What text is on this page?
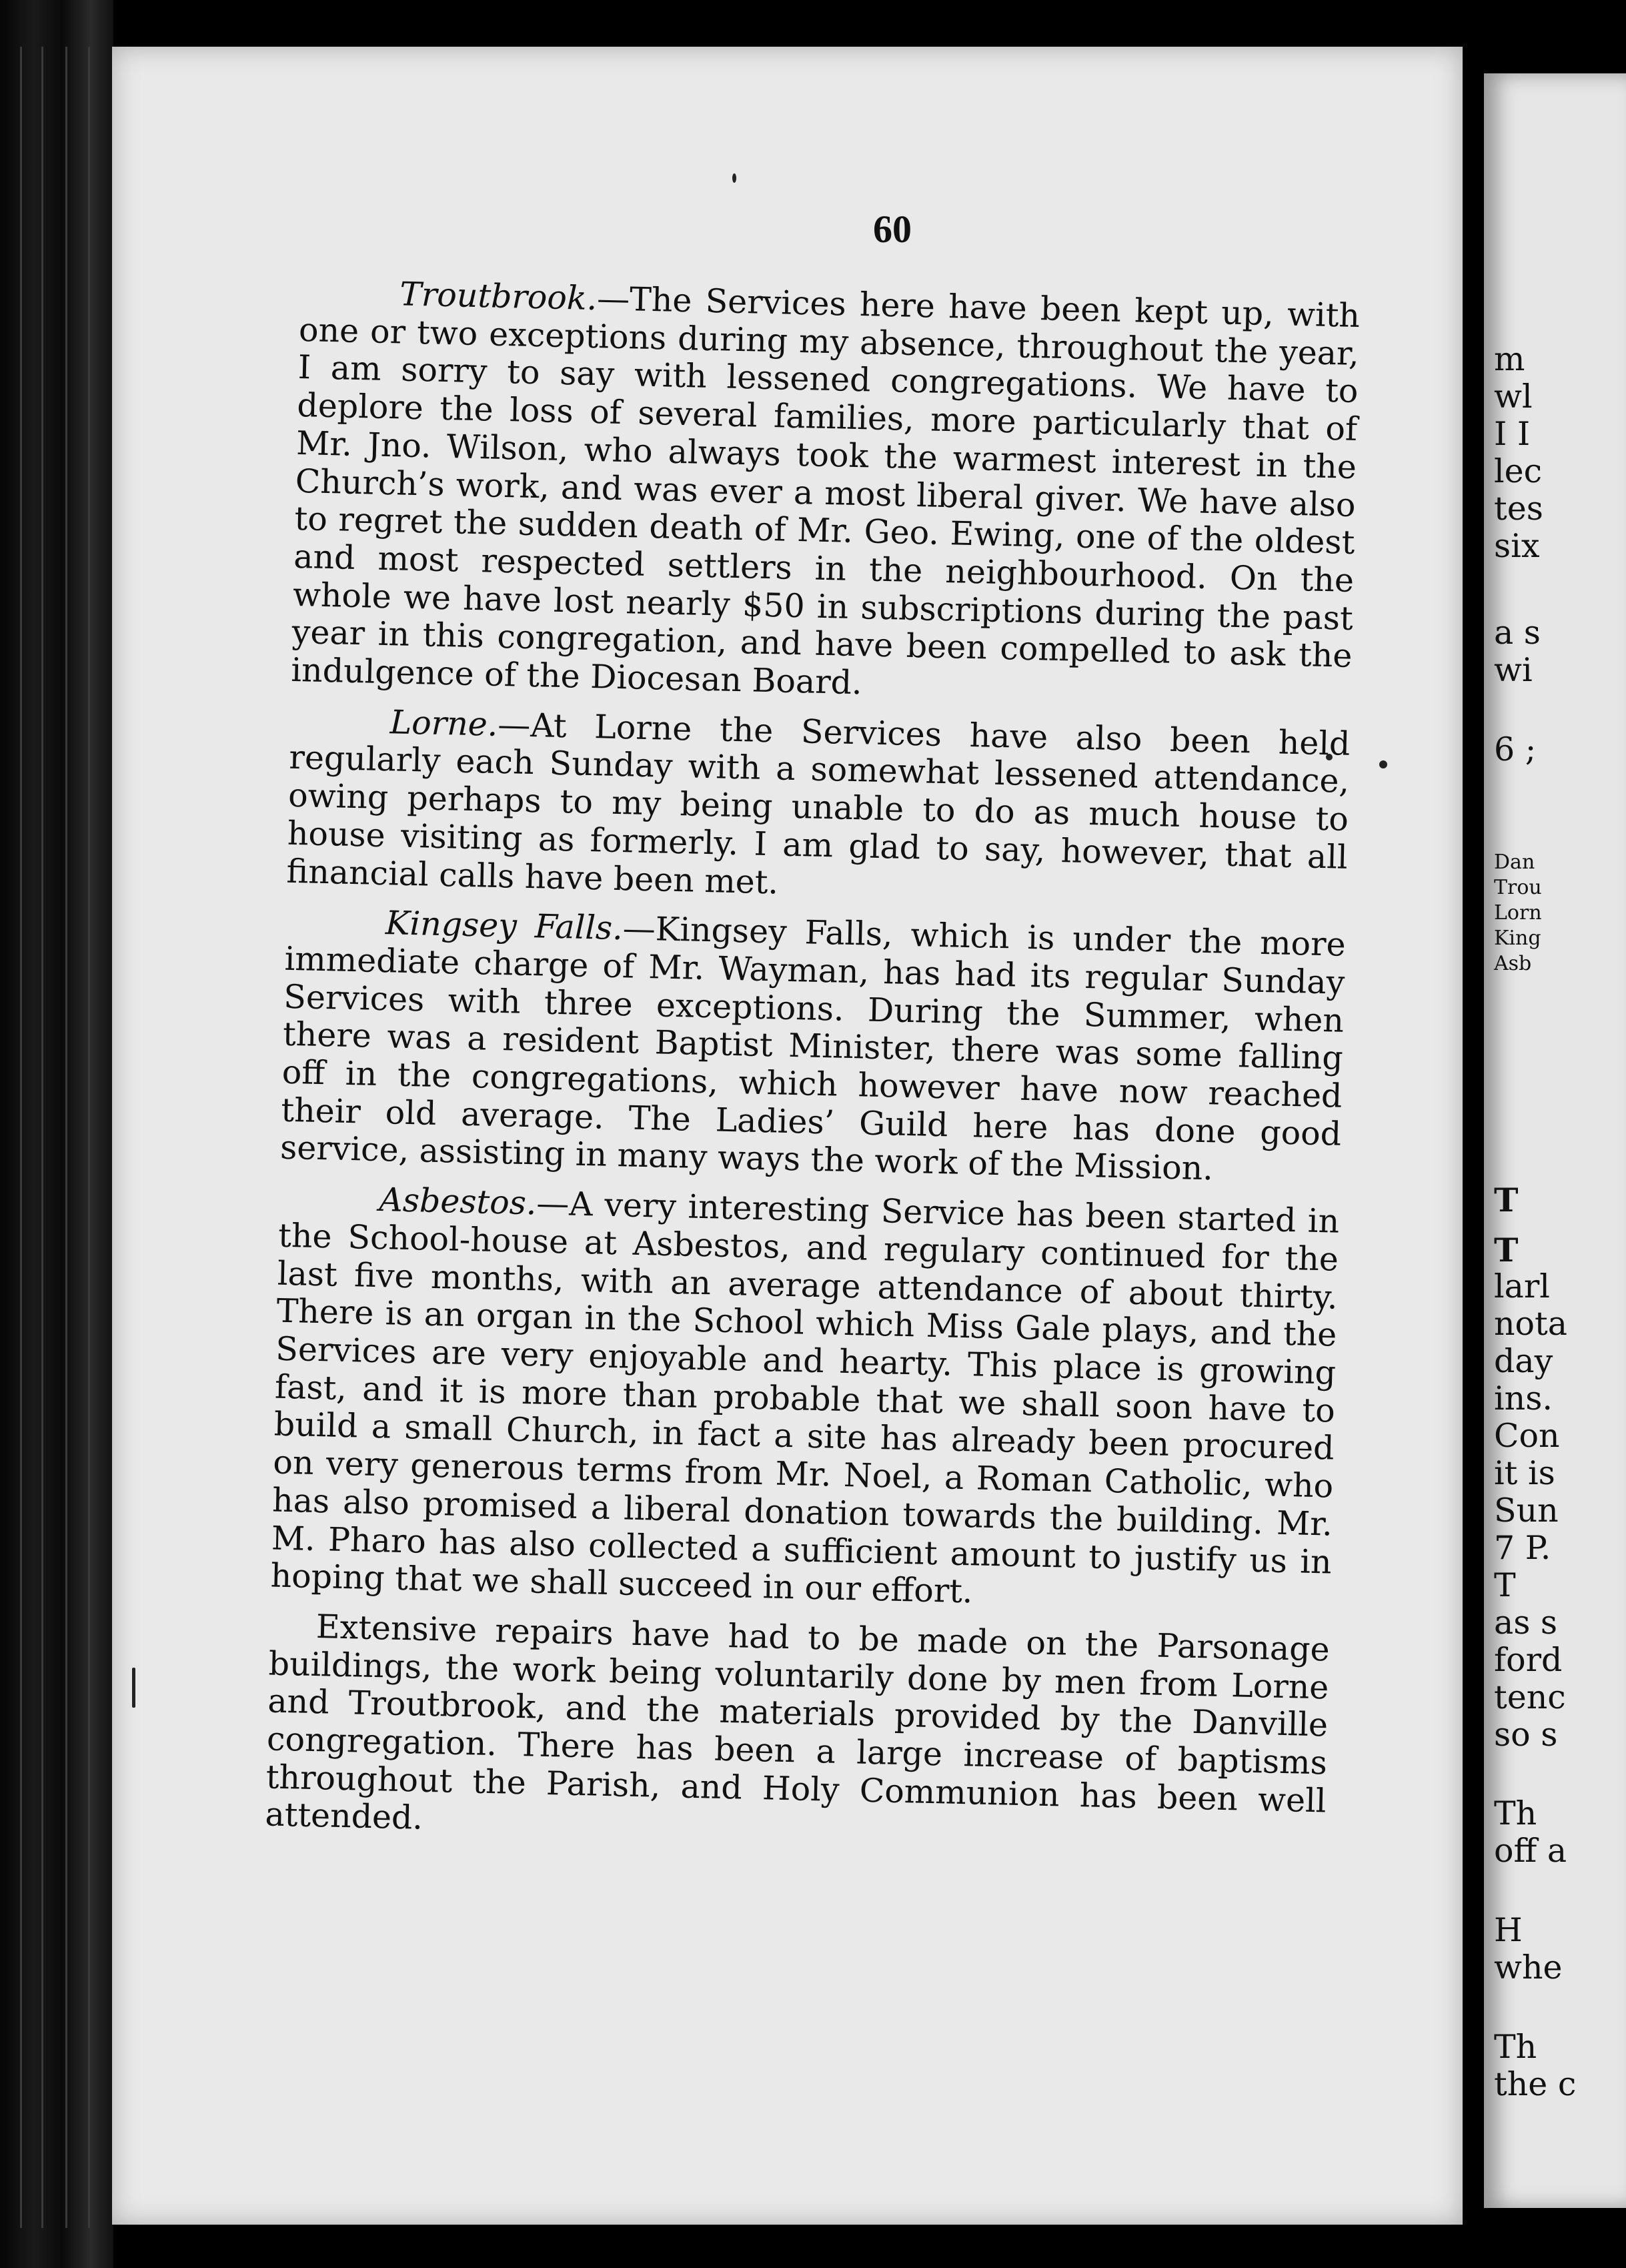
60

Troutbrook.—The Services here have been kept up, with one or two exceptions during my absence, throughout the year, I am sorry to say with lessened congregations. We have to deplore the loss of several families, more particularly that of Mr. Jno. Wilson, who always took the warmest interest in the Church’s work, and was ever a most liberal giver. We have also to regret the sudden death of Mr. Geo. Ewing, one of the oldest and most respected settlers in the neighbourhood. On the whole we have lost nearly $50 in subscriptions during the past year in this congregation, and have been compelled to ask the indulgence of the Diocesan Board.

Lorne.—At Lorne the Services have also been held regularly each Sunday with a somewhat lessened attendance, owing perhaps to my being unable to do as much house to house visiting as formerly. I am glad to say, however, that all financial calls have been met.

Kingsey Falls.—Kingsey Falls, which is under the more immediate charge of Mr. Wayman, has had its regular Sunday Services with three exceptions. During the Summer, when there was a resident Baptist Minister, there was some falling off in the congregations, which however have now reached their old average. The Ladies’ Guild here has done good service, assisting in many ways the work of the Mission.

Asbestos.—A very interesting Service has been started in the School-house at Asbestos, and regulary continued for the last five months, with an average attendance of about thirty. There is an organ in the School which Miss Gale plays, and the Services are very enjoyable and hearty. This place is growing fast, and it is more than probable that we shall soon have to build a small Church, in fact a site has already been procured on very generous terms from Mr. Noel, a Roman Catholic, who has also promised a liberal donation towards the building. Mr. M. Pharo has also collected a sufficient amount to justify us in hoping that we shall succeed in our effort.

Extensive repairs have had to be made on the Parsonage buildings, the work being voluntarily done by men from Lorne and Troutbrook, and the materials provided by the Danville congregation. There has been a large increase of baptisms throughout the Parish, and Holy Communion has been well attended.

m
wl
I I
lec
tes
six
a s
wi
6 ;
Dan
Trou
Lorn
King
Asb
T
T
larl
nota
day
ins.
Con
it is
Sun
7 P.
T
as s
ford
tenc
so s
Th
off a
H
whe
Th
the c
